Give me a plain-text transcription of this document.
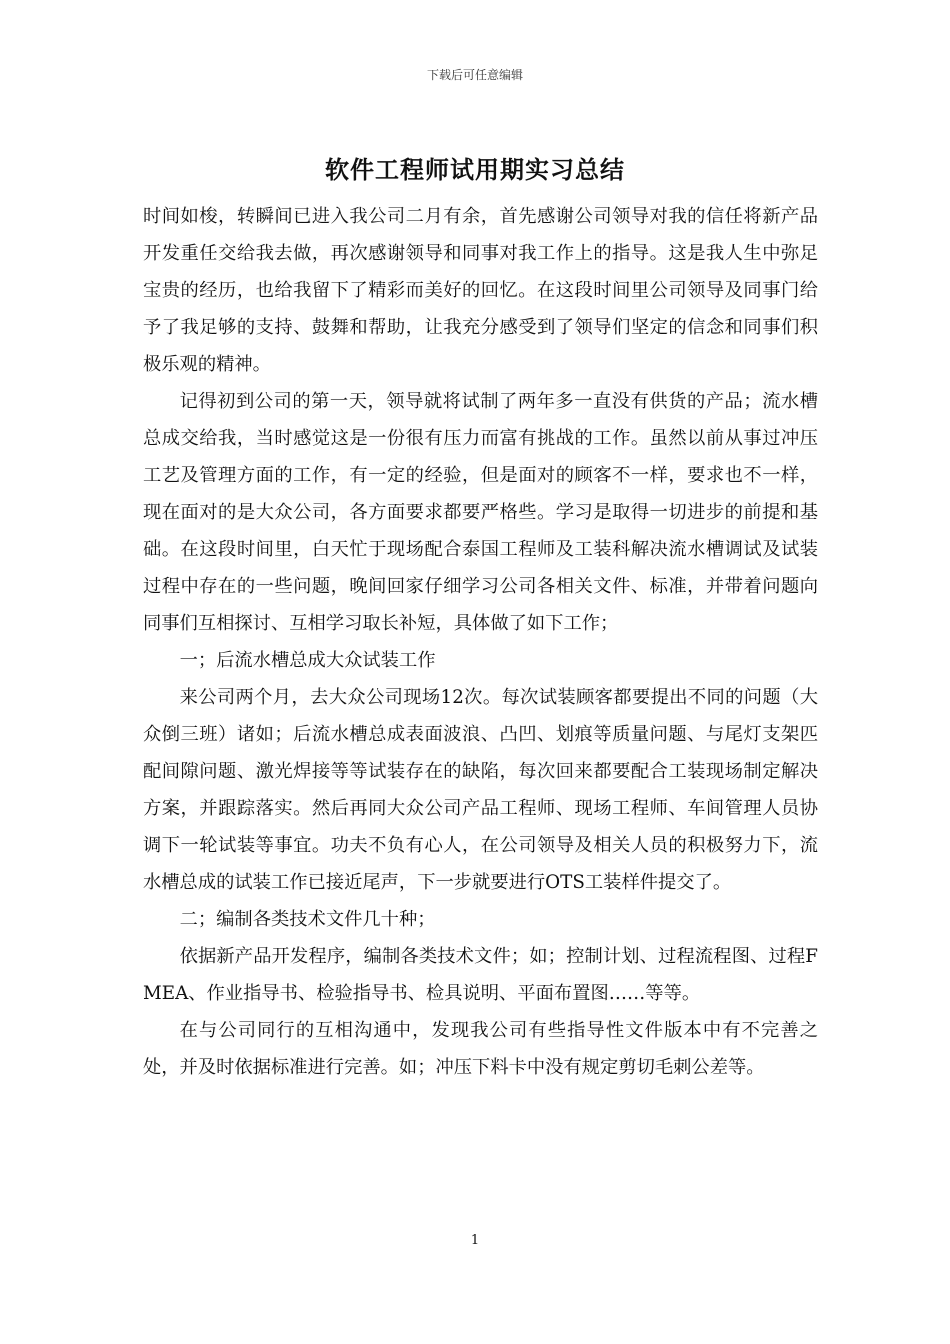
下载后可任意编辑
软件工程师试用期实习总结

时间如梭，转瞬间已进入我公司二月有余，首先感谢公司领导对我的信任将新产品开发重任交给我去做，再次感谢领导和同事对我工作上的指导。这是我人生中弥足宝贵的经历，也给我留下了精彩而美好的回忆。在这段时间里公司领导及同事门给予了我足够的支持、鼓舞和帮助，让我充分感受到了领导们坚定的信念和同事们积极乐观的精神。

记得初到公司的第一天，领导就将试制了两年多一直没有供货的产品；流水槽总成交给我，当时感觉这是一份很有压力而富有挑战的工作。虽然以前从事过冲压工艺及管理方面的工作，有一定的经验，但是面对的顾客不一样，要求也不一样，现在面对的是大众公司，各方面要求都要严格些。学习是取得一切进步的前提和基础。在这段时间里，白天忙于现场配合泰国工程师及工装科解决流水槽调试及试装过程中存在的一些问题，晚间回家仔细学习公司各相关文件、标准，并带着问题向同事们互相探讨、互相学习取长补短，具体做了如下工作；

一；后流水槽总成大众试装工作

来公司两个月，去大众公司现场12次。每次试装顾客都要提出不同的问题（大众倒三班）诸如；后流水槽总成表面波浪、凸凹、划痕等质量问题、与尾灯支架匹配间隙问题、激光焊接等等试装存在的缺陷，每次回来都要配合工装现场制定解决方案，并跟踪落实。然后再同大众公司产品工程师、现场工程师、车间管理人员协调下一轮试装等事宜。功夫不负有心人，在公司领导及相关人员的积极努力下，流水槽总成的试装工作已接近尾声，下一步就要进行OTS工装样件提交了。

二；编制各类技术文件几十种；

依据新产品开发程序，编制各类技术文件；如；控制计划、过程流程图、过程FMEA、作业指导书、检验指导书、检具说明、平面布置图……等等。

在与公司同行的互相沟通中，发现我公司有些指导性文件版本中有不完善之处，并及时依据标准进行完善。如；冲压下料卡中没有规定剪切毛刺公差等。

1
